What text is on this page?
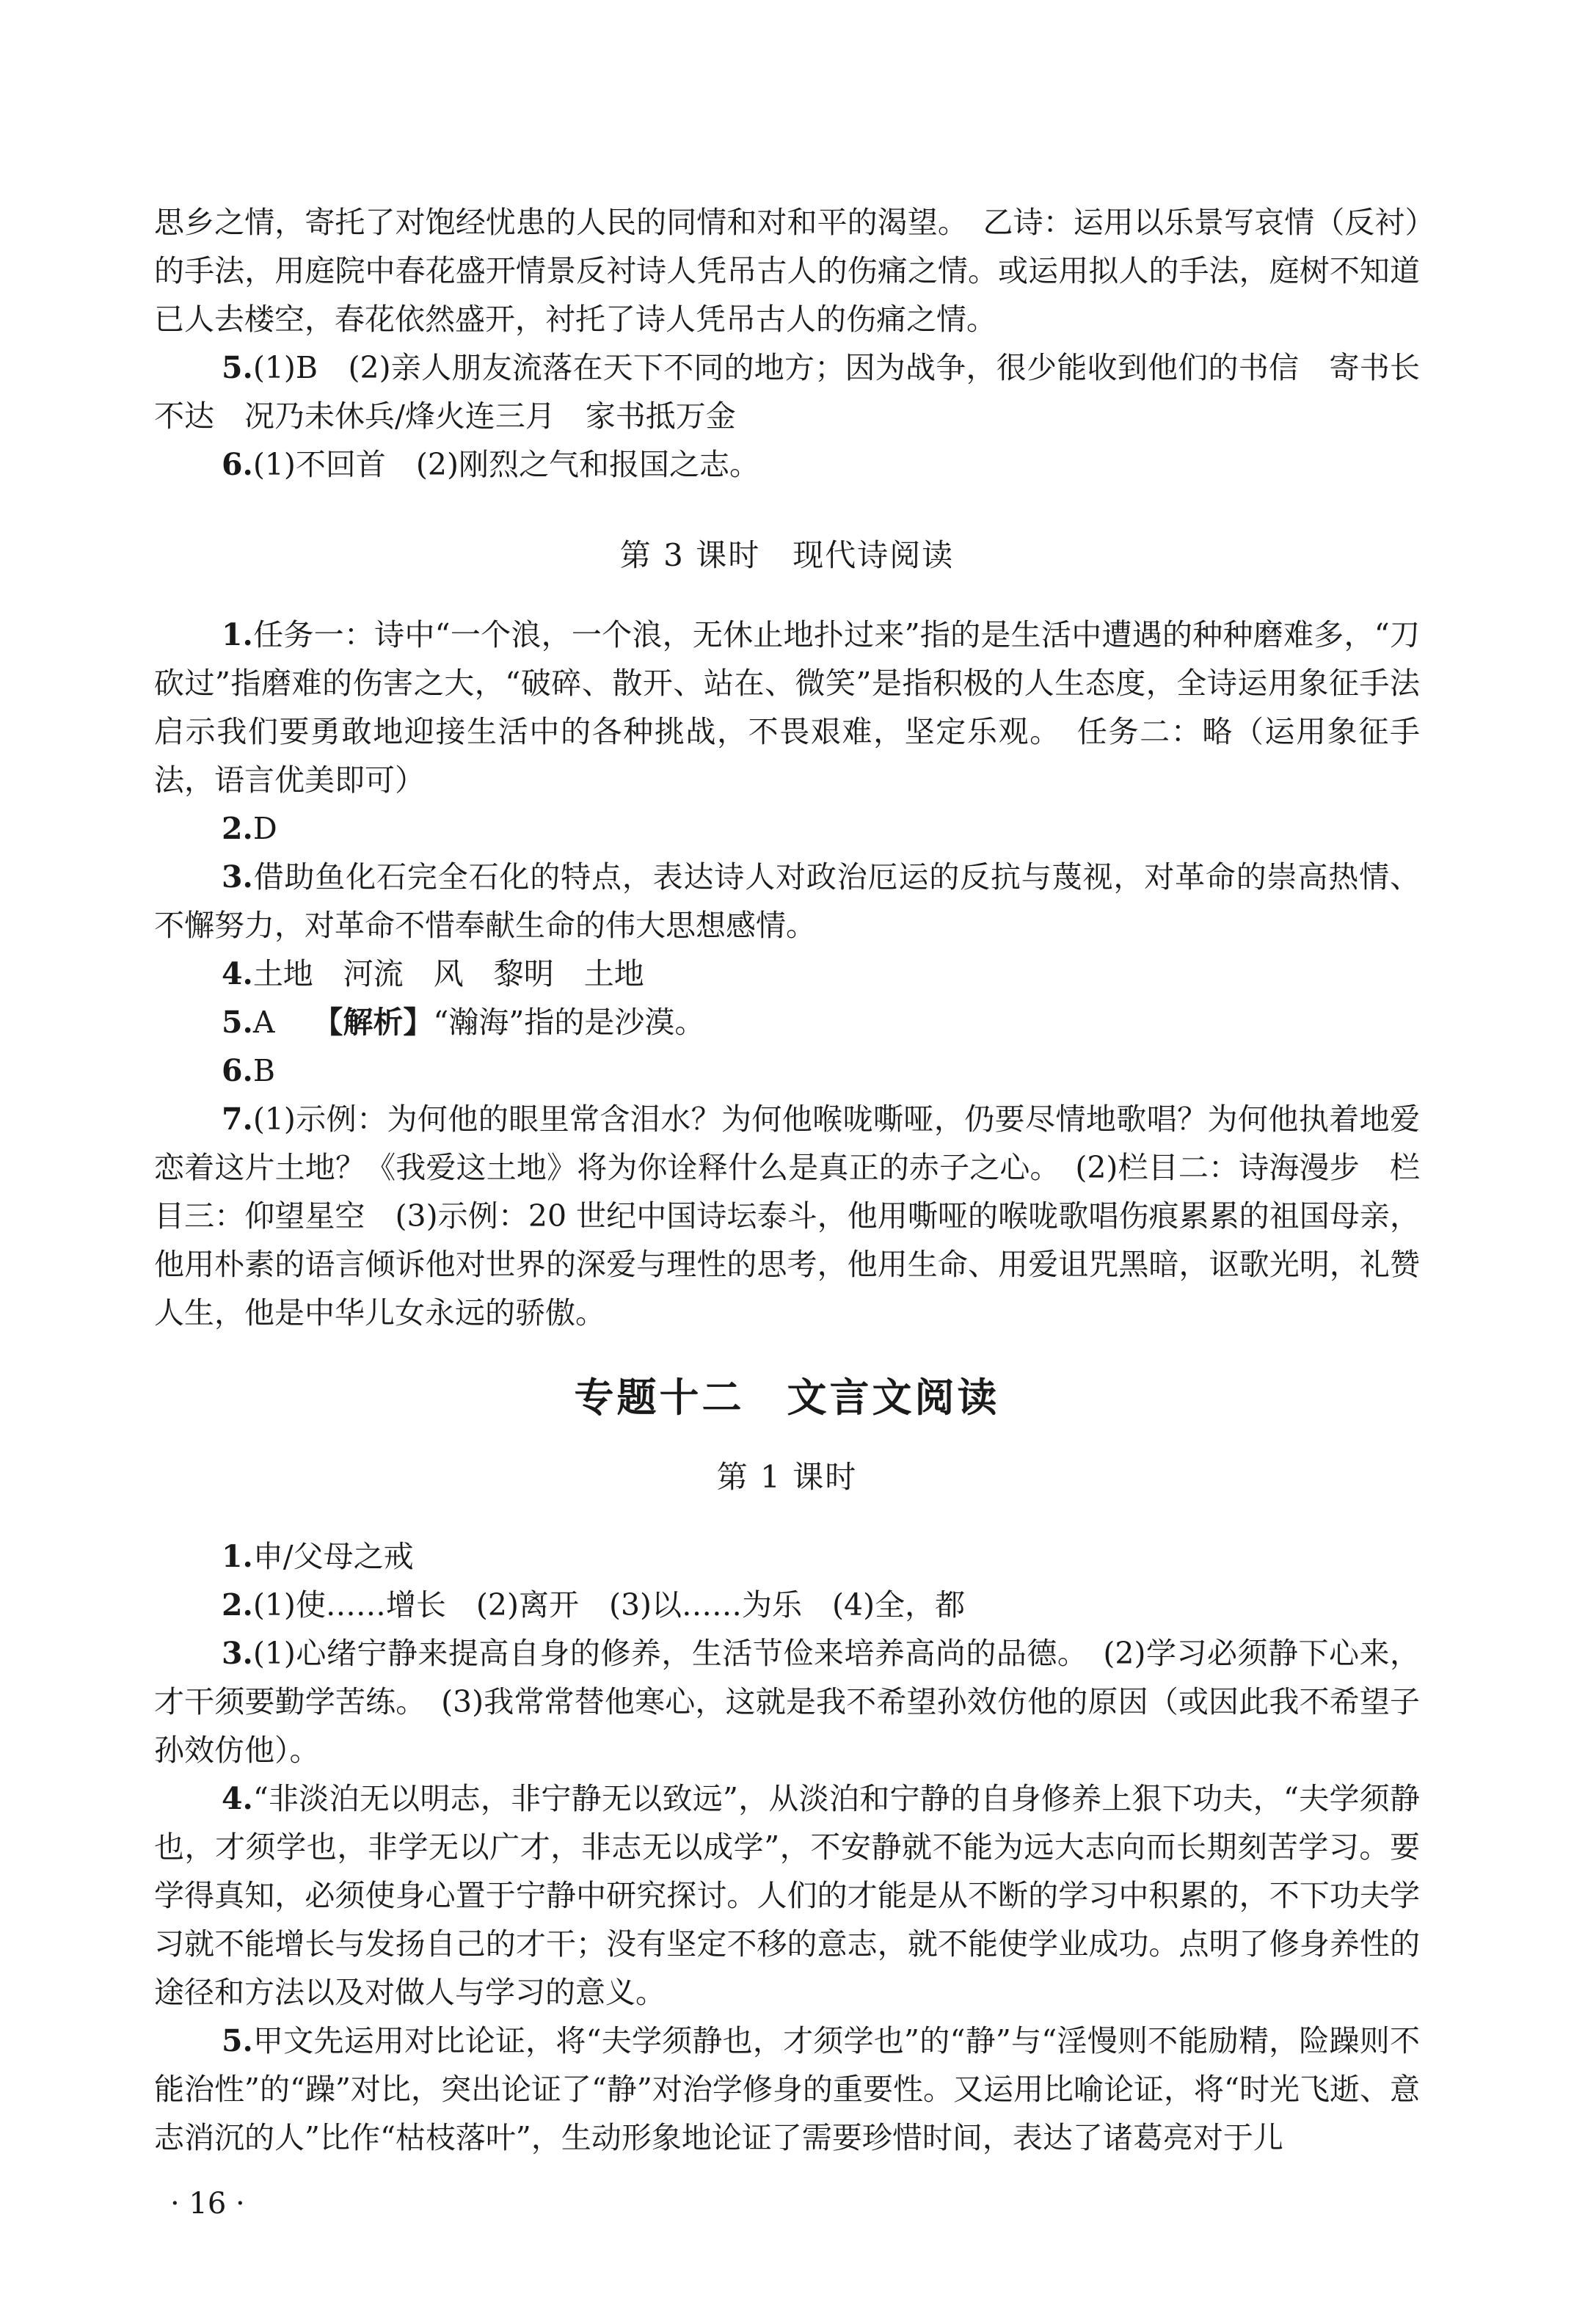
思乡之情，寄托了对饱经忧患的人民的同情和对和平的渴望。　乙诗：运用以乐景写哀情（反衬）的手法，用庭院中春花盛开情景反衬诗人凭吊古人的伤痛之情。或运用拟人的手法，庭树不知道已人去楼空，春花依然盛开，衬托了诗人凭吊古人的伤痛之情。

5.(1)B　(2)亲人朋友流落在天下不同的地方；因为战争，很少能收到他们的书信　寄书长不达　况乃未休兵/烽火连三月　家书抵万金

6.(1)不回首　(2)刚烈之气和报国之志。

第 3 课时　现代诗阅读

1.任务一：诗中“一个浪，一个浪，无休止地扑过来”指的是生活中遭遇的种种磨难多，“刀砍过”指磨难的伤害之大，“破碎、散开、站在、微笑”是指积极的人生态度，全诗运用象征手法启示我们要勇敢地迎接生活中的各种挑战，不畏艰难，坚定乐观。　任务二：略（运用象征手法，语言优美即可）

2.D

3.借助鱼化石完全石化的特点，表达诗人对政治厄运的反抗与蔑视，对革命的崇高热情、不懈努力，对革命不惜奉献生命的伟大思想感情。

4.土地　河流　风　黎明　土地

5.A 【解析】“瀚海”指的是沙漠。

6.B

7.(1)示例：为何他的眼里常含泪水？为何他喉咙嘶哑，仍要尽情地歌唱？为何他执着地爱恋着这片土地？《我爱这土地》将为你诠释什么是真正的赤子之心。　(2)栏目二：诗海漫步　栏目三：仰望星空　(3)示例：20 世纪中国诗坛泰斗，他用嘶哑的喉咙歌唱伤痕累累的祖国母亲，他用朴素的语言倾诉他对世界的深爱与理性的思考，他用生命、用爱诅咒黑暗，讴歌光明，礼赞人生，他是中华儿女永远的骄傲。

专题十二　文言文阅读
第 1 课时

1.申/父母之戒

2.(1)使……增长　(2)离开　(3)以……为乐　(4)全，都

3.(1)心绪宁静来提高自身的修养，生活节俭来培养高尚的品德。　(2)学习必须静下心来，才干须要勤学苦练。　(3)我常常替他寒心，这就是我不希望孙效仿他的原因（或因此我不希望子孙效仿他）。

4.“非淡泊无以明志，非宁静无以致远”，从淡泊和宁静的自身修养上狠下功夫，“夫学须静也，才须学也，非学无以广才，非志无以成学”，不安静就不能为远大志向而长期刻苦学习。要学得真知，必须使身心置于宁静中研究探讨。人们的才能是从不断的学习中积累的，不下功夫学习就不能增长与发扬自己的才干；没有坚定不移的意志，就不能使学业成功。点明了修身养性的途径和方法以及对做人与学习的意义。

5.甲文先运用对比论证，将“夫学须静也，才须学也”的“静”与“淫慢则不能励精，险躁则不能治性”的“躁”对比，突出论证了“静”对治学修身的重要性。又运用比喻论证，将“时光飞逝、意志消沉的人”比作“枯枝落叶”，生动形象地论证了需要珍惜时间，表达了诸葛亮对于儿

· 16 ·
